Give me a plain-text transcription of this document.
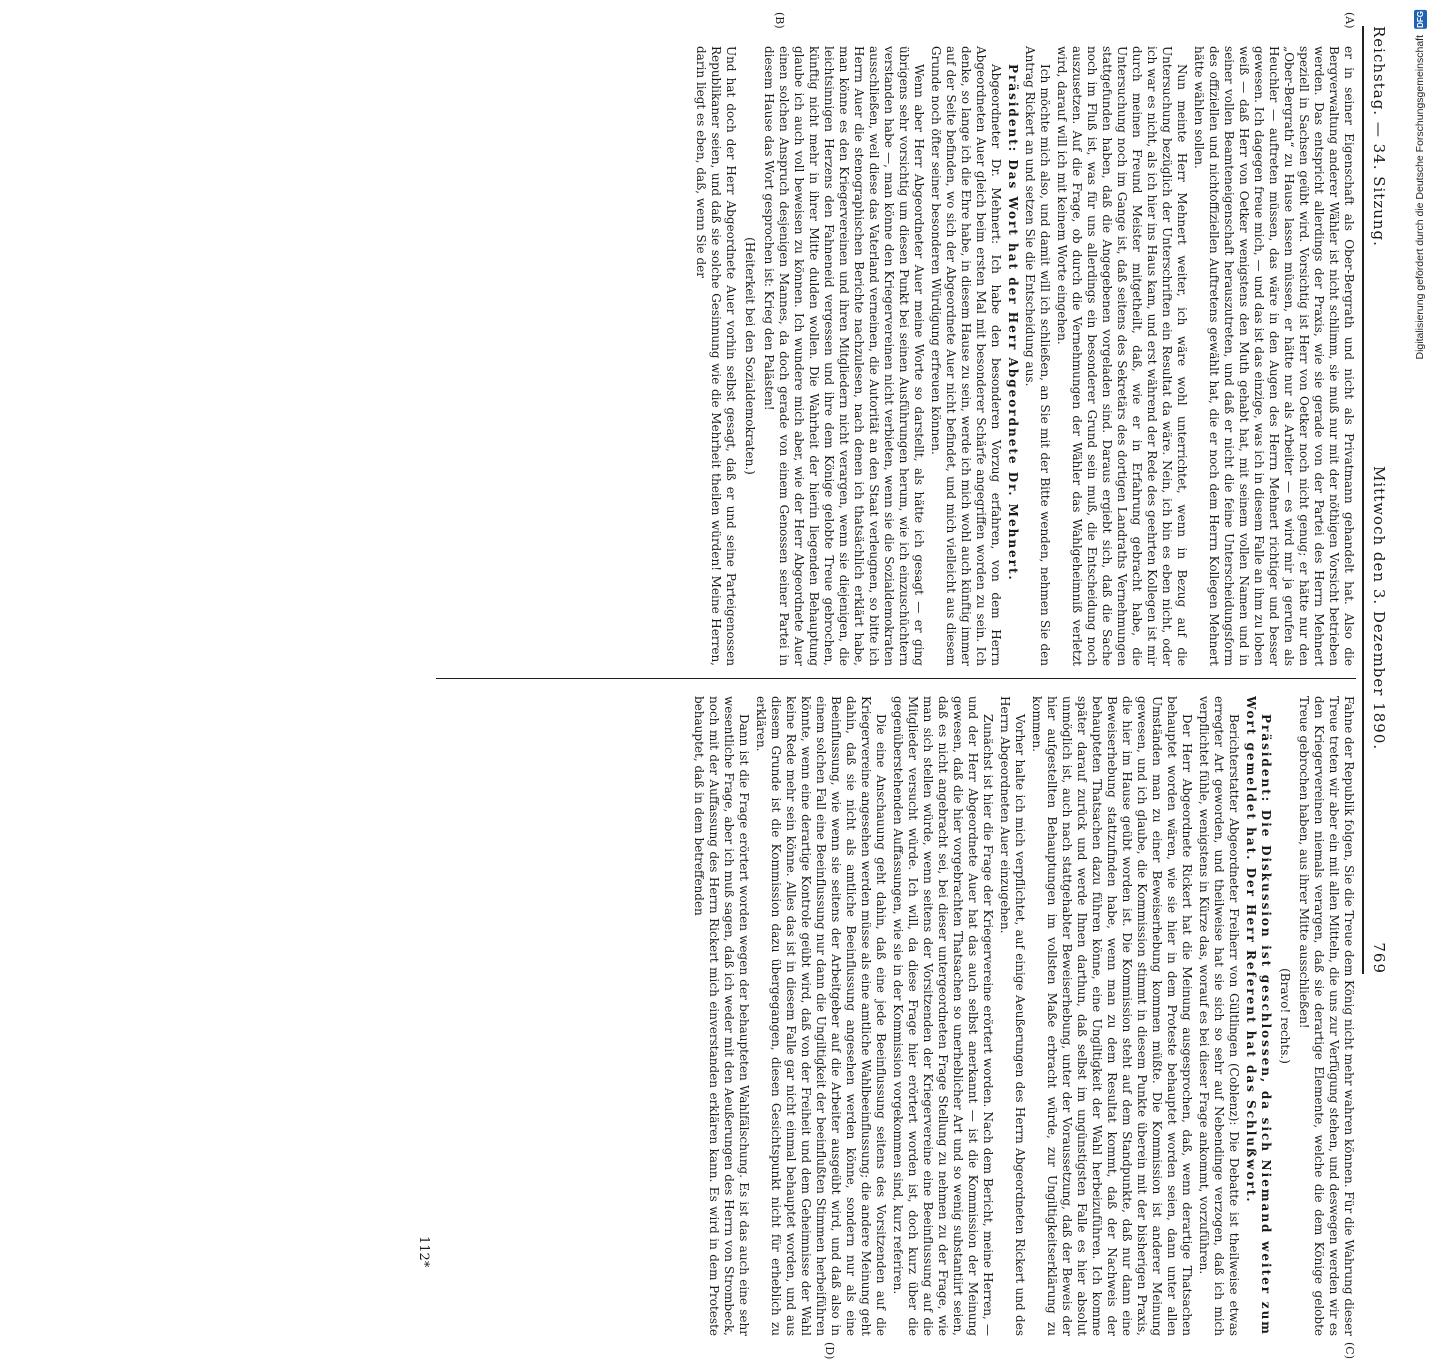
Reichstag. — 34. Sitzung.
Mittwoch den 3. Dezember 1890.
769

er in seiner Eigenschaft als Ober-Bergrath und nicht als Privatmann gehandelt hat. Also die Bergverwaltung anderer Wähler ist nicht schlimm, sie muß nur mit der nöthigen Vorsicht betrieben werden. Das entspricht allerdings der Praxis, wie sie gerade von der Partei des Herrn Mehnert speziell in Sachsen geübt wird. Vorsichtig ist Herr von Oetker noch nicht genug; er hätte nur den „Ober-Bergrath“ zu Hause lassen müssen, er hätte nur als Arbeiter — es wird mir ja gerufen als Heuchler — auftreten müssen, das wäre in den Augen des Herrn Mehnert richtiger und besser gewesen. Ich dagegen freue mich, — und das ist das einzige, was ich in diesem Falle an ihm zu loben weiß — daß Herr von Oetker wenigstens den Muth gehabt hat, mit seinem vollen Namen und in seiner vollen Beamteneigenschaft herauszutreten, und daß er nicht die feine Unterscheidungsform des offiziellen und nichtoffiziellen Auftretens gewählt hat, die er noch dem Herrn Kollegen Mehnert hätte wählen sollen.

Nun meinte Herr Mehnert weiter, ich wäre wohl unterrichtet, wenn in Bezug auf die Untersuchung bezüglich der Unterschriften ein Resultat da wäre. Nein, ich bin es eben nicht, oder ich war es nicht, als ich hier ins Haus kam, und erst während der Rede des geehrten Kollegen ist mir durch meinen Freund Meister mitgetheilt, daß, wie er in Erfahrung gebracht habe, die Untersuchung noch im Gange ist, daß seitens des Sekretärs des dortigen Landraths Vernehmungen stattgefunden haben, daß die Angegebenen vorgeladen sind. Daraus ergiebt sich, daß die Sache noch im Fluß ist, was für uns allerdings ein besonderer Grund sein muß, die Entscheidung noch auszusetzen. Auf die Frage, ob durch die Vernehmungen der Wähler das Wahlgeheimniß verletzt wird, darauf will ich mit keinem Worte eingehen.

Ich möchte mich also, und damit will ich schließen, an Sie mit der Bitte wenden, nehmen Sie den Antrag Rickert an und setzen Sie die Entscheidung aus.

Präsident: Das Wort hat der Herr Abgeordnete Dr. Mehnert.

Abgeordneter Dr. Mehnert: Ich habe den besonderen Vorzug erfahren, von dem Herrn Abgeordneten Auer gleich beim ersten Mal mit besonderer Schärfe angegriffen worden zu sein. Ich denke, so lange ich die Ehre habe, in diesem Hause zu sein, werde ich mich wohl auch künftig immer auf der Seite befinden, wo sich der Abgeordnete Auer nicht befindet, und mich vielleicht aus diesem Grunde noch öfter seiner besonderen Würdigung erfreuen können.

Wenn aber Herr Abgeordneter Auer meine Worte so darstellt, als hätte ich gesagt — er ging übrigens sehr vorsichtig um diesen Punkt bei seinen Ausführungen herum, wie ich einzuschüchtern verstanden habe —, man könne den Kriegervereinen nicht verbieten, wenn sie die Sozialdemokraten ausschließen, weil diese das Vaterland verneinen, die Autorität an den Staat verleugnen, so bitte ich Herrn Auer die stenographischen Berichte nachzulesen, nach denen ich thatsächlich erklärt habe, man könne es den Kriegervereinen und ihren Mitgliedern nicht verargen, wenn sie diejenigen, die leichtsinnigen Herzens den Fahneneid vergessen und ihre dem Könige gelobte Treue gebrochen, künftig nicht mehr in ihrer Mitte dulden wollen. Die Wahrheit der hierin liegenden Behauptung glaube ich auch voll beweisen zu können. Ich wundere mich aber, wie der Herr Abgeordnete Auer einen solchen Anspruch desjenigen Mannes, da doch gerade von einem Genossen seiner Partei in diesem Hause das Wort gesprochen ist: Krieg den Palästen!

(Heiterkeit bei den Sozialdemokraten.)

Und hat doch der Herr Abgeordnete Auer vorhin selbst gesagt, daß er und seine Parteigenossen Republikaner seien, und daß sie solche Gesinnung wie die Mehrheit theilen würden! Meine Herren, darin liegt es eben, daß, wenn Sie der

Fahne der Republik folgen, Sie die Treue dem König nicht mehr wahren können. Für die Wahrung dieser Treue treten wir aber ein mit allen Mitteln, die uns zur Verfügung stehen, und deswegen werden wir es den Kriegervereinen niemals verargen, daß sie derartige Elemente, welche die dem Könige gelobte Treue gebrochen haben, aus ihrer Mitte ausschließen!

(Bravo! rechts.)

Präsident: Die Diskussion ist geschlossen, da sich Niemand weiter zum Wort gemeldet hat. Der Herr Referent hat das Schlußwort.

Berichterstatter Abgeordneter Freiherr von Gültlingen (Coblenz): Die Debatte ist theilweise etwas erregter Art geworden, und theilweise hat sie sich so sehr auf Nebendinge verzogen, daß ich mich verpflichtet fühle, wenigstens in Kürze das, worauf es bei dieser Frage ankommt, vorzuführen.

Der Herr Abgeordnete Rickert hat die Meinung ausgesprochen, daß, wenn derartige Thatsachen behauptet worden wären, wie sie hier in dem Proteste behauptet worden seien, dann unter allen Umständen man zu einer Beweiserhebung kommen müßte. Die Kommission ist anderer Meinung gewesen, und ich glaube, die Kommission stimmt in diesem Punkte überein mit der bisherigen Praxis, die hier im Hause geübt worden ist. Die Kommission steht auf dem Standpunkte, daß nur dann eine Beweiserhebung stattzufinden habe, wenn man zu dem Resultat kommt, daß der Nachweis der behaupteten Thatsachen dazu führen könne, eine Ungiltigkeit der Wahl herbeizuführen. Ich komme später darauf zurück und werde Ihnen darthun, daß selbst im ungünstigsten Falle es hier absolut unmöglich ist, auch nach stattgehabter Beweiserhebung, unter der Voraussetzung, daß der Beweis der hier aufgestellten Behauptungen im vollsten Maße erbracht würde, zur Ungiltigkeitserklärung zu kommen.

Vorher halte ich mich verpflichtet, auf einige Aeußerungen des Herrn Abgeordneten Rickert und des Herrn Abgeordneten Auer einzugehen.

Zunächst ist hier die Frage der Kriegervereine erörtert worden. Nach dem Bericht, meine Herren, — und der Herr Abgeordnete Auer hat das auch selbst anerkannt — ist die Kommission der Meinung gewesen, daß die hier vorgebrachten Thatsachen so unerheblicher Art und so wenig substantiirt seien, daß es nicht angebracht sei, bei dieser untergeordneten Frage Stellung zu nehmen zu der Frage, wie man sich stellen würde, wenn seitens der Vorsitzenden der Kriegervereine eine Beeinflussung auf die Mitglieder versucht würde. Ich will, da diese Frage hier erörtert worden ist, doch kurz über die gegenüberstehenden Auffassungen, wie sie in der Kommission vorgekommen sind, kurz referiren.

Die eine Anschauung geht dahin, daß eine jede Beeinflussung seitens des Vorsitzenden auf die Kriegervereine angesehen werden müsse als eine amtliche Wahlbeeinflussung; die andere Meinung geht dahin, daß sie nicht als amtliche Beeinflussung angesehen werden könne, sondern nur als eine Beeinflussung, wie wenn sie seitens der Arbeitgeber auf die Arbeiter ausgeübt wird, und daß also in einem solchen Fall eine Beeinflussung nur dann die Ungiltigkeit der beeinflußten Stimmen herbeiführen könnte, wenn eine derartige Kontrole geübt wird, daß von der Freiheit und dem Geheimnisse der Wahl keine Rede mehr sein könne. Alles das ist in diesem Falle gar nicht einmal behauptet worden, und aus diesem Grunde ist die Kommission dazu übergegangen, diesen Gesichtspunkt nicht für erheblich zu erklären.

Dann ist die Frage erörtert worden wegen der behaupteten Wahlfälschung. Es ist das auch eine sehr wesentliche Frage, aber ich muß sagen, daß ich weder mit den Aeußerungen des Herrn von Strombeck, noch mit der Auffassung des Herrn Rickert mich einverstanden erklären kann. Es wird in dem Proteste behauptet, daß in dem betreffenden

(A)
(B)
(C)
(D)
112*
DFG
Digitalisierung gefördert durch die Deutsche Forschungsgemeinschaft
